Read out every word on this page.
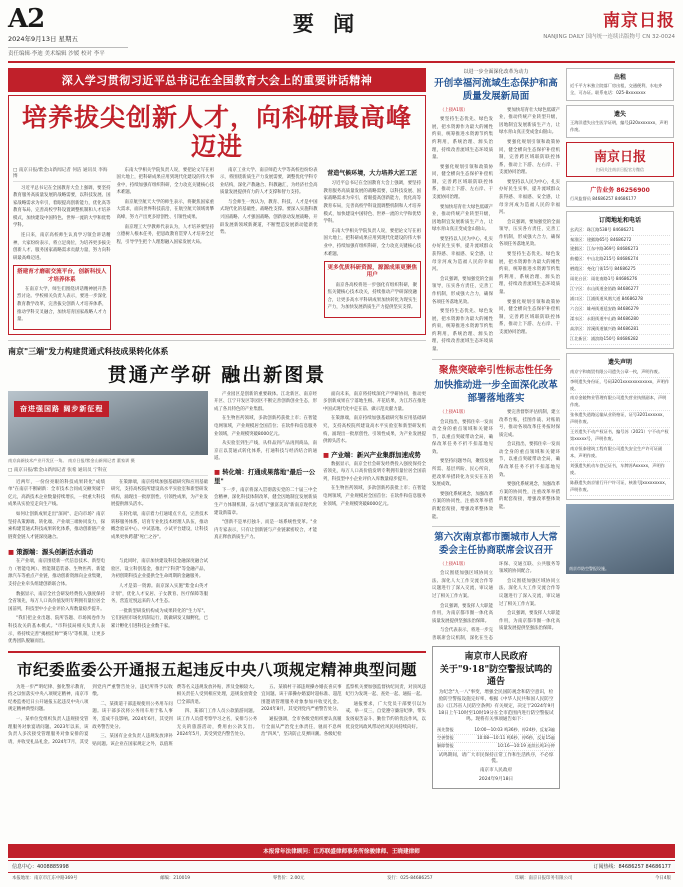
A2
2024年9月13日 星期五
责任编辑·李迪 美术编辑 沙媛 校对 李平
要 闻	南京日报
NANJING DAILY 国内统一连续出版物号 CN 32-0024
深入学习贯彻习近平总书记在全国教育大会上的重要讲话精神
培养拔尖创新人才，向科研最高峰迈进
□ 南京日报/紫金山新闻记者 何洁 通讯员 李海博

习近平总书记在全国教育大会上强调，要坚持教育服务高质量发展的战略需要，以科技发展、国家战略需求为牵引，着眼提高创新能力，优化高等教育布局，完善高校学科设置调整机制和人才培养模式，加快建设中国特色、世界一流的大学和优势学科。

连日来，南京高校师生认真学习领会讲话精神，大家纷纷表示，将立足岗位，为培养更多拔尖创新人才、服务国家战略需求贡献力量，努力向科研最高峰迈进。

搭建育才磨砺交流平台，创新科技人才培养体系

在南京大学，师生们围绕讲话精神展开热烈讨论。学校相关负责人表示，要进一步深化教育教学改革，完善拔尖创新人才培养体系，推动学科交叉融合，加快培育国家战略人才力量。

东南大学相关学院负责人说，要把论文写在祖国大地上，把科研成果应用到现代化建设的伟大事业中，持续加强有组织科研，全力攻克关键核心技术难题。

南京航空航天大学的师生表示，将聚焦国家重大需求，面向世界科技前沿，在航空航天领域勇攀高峰，努力产出更多原创性、引领性成果。

南京理工大学教师代表认为，人才培养要坚持立德树人根本任务，把思政教育贯穿人才培养全过程，引导学生把个人理想融入国家发展大局。

南京工业大学、南京师范大学等高校也纷纷表示，将围绕新质生产力发展需要，调整优化学科专业结构，深化产教融合、科教融汇，为经济社会高质量发展提供有力的人才支撑和智力支持。

与会师生一致认为，教育、科技、人才是中国式现代化的基础性、战略性支撑。要深入实施科教兴国战略、人才强国战略、创新驱动发展战略，开辟发展新领域新赛道，不断塑造发展新动能新优势。

营造气候环境，大力培养大匠工匠

习近平总书记在全国教育大会上强调，要坚持教育服务高质量发展的战略需要，以科技发展、国家战略需求为牵引，着眼提高创新能力，优化高等教育布局，完善高校学科设置调整机制和人才培养模式，加快建设中国特色、世界一流的大学和优势学科。

东南大学相关学院负责人说，要把论文写在祖国大地上，把科研成果应用到现代化建设的伟大事业中，持续加强有组织科研，全力攻克关键核心技术难题。

更多优质科研资源，源源成果更聚焦用户

南京各高校将进一步强化有组织科研，聚焦关键核心技术攻关，持续推动产学研深度融合，让更多高水平科研成果加快转化为现实生产力，为加快发展新质生产力提供坚实支撑。

南京"三端"发力构建贯通式科技成果转化体系
贯通产学研 融出新图景
奋进强国路 阔步新征程
南京高新技术产业开发区一角。 南京日报/紫金山新闻记者 董家训 摄
□ 南京日报/紫金山新闻记者 张希 通讯员 宁科宣

近两年，一份份亮眼的科技成果转化"成绩单"在南京不断刷新：全市技术合同成交额突破千亿元，高新技术企业数量持续增长，一批重大科技成果从实验室走向生产线。

如何让创新成果走出"深闺"、走向市场？南京坚持从策源端、转化端、产业端三端协同发力，探索构建贯通式科技成果转化体系，推动创新链产业链资金链人才链深度融合。

在策源端，南京持续加强基础研究和应用基础研究，支持高校院所建设高水平实验室和新型研发机构，涌现出一批原创性、引领性成果，为产业发展提供源头活水。

在转化端，南京着力打通堵点卡点，完善技术转移服务体系，培育专业化技术经理人队伍，推动概念验证中心、中试基地、小试平台建设，让科技成果更快跨越"死亡之谷"。

■ 策源端：源头创新活水涌动

在产业端，南京围绕新一代信息技术、新型电力（智能电网）、智能制造装备、生物医药、新能源汽车等重点产业链，推动创新资源向企业集聚，支持企业牵头组建创新联合体。

数据显示，南京全社会研发经费投入强度保持全省领先，每万人口高价值发明专利拥有量位居全国前列，科技型中小企业评价入库数量稳步提升。

"我们把企业出题、院所答题、市场阅卷作为科技攻关的基本模式。"市科技局相关负责人表示，将持续完善"揭榜挂帅""赛马"等机制，让更多优秀团队脱颖而出。

与此同时，南京加快建设科技金融深度融合试验区，设立科创基金，推出"宁科贷"等金融产品，为初创期科技企业提供全生命周期的金融服务。

人才是第一资源。南京深入实施"紫金山英才计划"，优化人才安居、子女教育、医疗保障等服务，营造近悦远来的人才生态。

一批新型研发机构成为成果转化的"生力军"。它们按照市场化机制运行，既做研发又做孵化，已累计孵化引进科技企业数千家。

产业园区是创新的重要载体。江北新区、南京经开区、江宁开发区等园区不断完善创新创业生态，形成了各具特色的产业集群。

在生物医药领域，多款创新药获批上市；在智能电网领域，产业规模居全国首位；在软件和信息服务业领域，产业规模突破8000亿元。

从实验室到生产线，从样品到产品再到商品，南京正以贯通式转化体系，打通科技与经济结合的通道。

■ 转化端：打通成果落地"最后一公里"

下一步，南京将深入贯彻落实党的二十届三中全会精神，深化科技体制改革，健全因地制宜发展新质生产力体制机制，奋力谱写"强富美高"新南京现代化建设新篇章。

"创新不是单打独斗，而是一场系统性变革。"业内专家表示，只有让创新链与产业链紧密咬合，才能真正释放新质生产力。

面向未来，南京将持续深化产学研协同，推动更多创新成果在宁落地生根、开花结果，为江苏在推进中国式现代化中走在前、做示范贡献力量。

在策源端，南京持续加强基础研究和应用基础研究，支持高校院所建设高水平实验室和新型研发机构，涌现出一批原创性、引领性成果，为产业发展提供源头活水。

■ 产业端：新兴产业集群加速成势

数据显示，南京全社会研发经费投入强度保持全省领先，每万人口高价值发明专利拥有量位居全国前列，科技型中小企业评价入库数量稳步提升。

在生物医药领域，多款创新药获批上市；在智能电网领域，产业规模居全国首位；在软件和信息服务业领域，产业规模突破8000亿元。

市纪委监委公开通报五起违反中央八项规定精神典型问题

为进一步严明纪律、强化警示教育，持之以恒落实中央八项规定精神，南京市纪委监委近日公开通报五起违反中央八项规定精神典型问题。

一、某单位党组织负责人违规接受管理服务对象宴请问题。2023年以来，该负责人多次接受管理服务对象安排的宴请，并收受礼品礼金。2024年7月，其受到党内严重警告处分，违纪所得予以收缴。

二、某街道干部违规使用公务用车问题。该干部多次将公务用车用于私人事务，造成不良影响。2024年6月，其受到政务警告处分。

三、某国有企业负责人违规发放津补贴问题。该企业在国家规定之外，以值班费等名义违规发放补贴，涉及金额较大。相关责任人受到相应处理，违规发放资金已全部清退。

四、某部门工作人员公款旅游问题。该工作人员借考察学习之名，安排与公务无关的旅游活动，费用由公款支出。2024年5月，其受到党内警告处分。

五、某镇村干部违规操办婚丧喜庆事宜问题。该干部操办婚宴时超标准、超范围邀请管理服务对象参加并收受礼金。2024年8月，其受到党内严重警告处分。

通报强调，全市各级党组织要认真履行全面从严治党主体责任，驰而不息纠治"四风"，坚决防止反弹回潮。各级纪检监察机关要加强监督执纪问责，对顶风违纪行为发现一起、查处一起、通报一起。

通报要求，广大党员干部要引以为戒、举一反三，自觉遵守廉洁纪律，带头发扬艰苦奋斗、勤俭节约的优良作风，以优良党风政风带动社风民风持续向好。

以进一步全面深化改革为动力
开创幸福河流域生态保护和高质量发展新局面

（上接A1版）

要坚持生态优先、绿色发展，把水资源作为最大的刚性约束，统筹推进水资源节约集约利用，系统治理、源头治理，持续改善流域生态环境质量。

要强化规划引领和政策协同，健全横向生态保护补偿机制，完善跨区域联防联控体系，推动上下游、左右岸、干支流协同治理。

要加快培育壮大绿色低碳产业，推动传统产业转型升级，因地制宜发展新质生产力，让绿水青山真正变成金山银山。

要坚持以人民为中心，扎实办好民生实事，提升流域群众获得感、幸福感、安全感，让母亲河成为造福人民的幸福河。

会议强调，要加强党的全面领导，压实各方责任，完善工作机制，形成强大合力，确保各项任务落地见效。

要坚持生态优先、绿色发展，把水资源作为最大的刚性约束，统筹推进水资源节约集约利用，系统治理、源头治理，持续改善流域生态环境质量。

要加快培育壮大绿色低碳产业，推动传统产业转型升级，因地制宜发展新质生产力，让绿水青山真正变成金山银山。

要强化规划引领和政策协同，健全横向生态保护补偿机制，完善跨区域联防联控体系，推动上下游、左右岸、干支流协同治理。

要坚持以人民为中心，扎实办好民生实事，提升流域群众获得感、幸福感、安全感，让母亲河成为造福人民的幸福河。

会议强调，要加强党的全面领导，压实各方责任，完善工作机制，形成强大合力，确保各项任务落地见效。

要坚持生态优先、绿色发展，把水资源作为最大的刚性约束，统筹推进水资源节约集约利用，系统治理、源头治理，持续改善流域生态环境质量。

要强化规划引领和政策协同，健全横向生态保护补偿机制，完善跨区域联防联控体系，推动上下游、左右岸、干支流协同治理。

聚焦突破牵引性标志性任务
加快推动进一步全面深化改革部署落地落实

（上接A1版）

会议指出，要抓住牵一发而动全身的重点领域和关键环节，以重点突破带动全局，确保改革任务不折不扣落地见效。

要坚持问题导向，聚焦发展所需、基层所盼、民心所向，把改革举措转化为实实在在的发展成效。

要强化系统观念，加强改革方案的协同性，注重改革举措的配套衔接，增强改革整体效能。

要完善督察评估机制，建立改革台账，挂图作战、对账销号，推动各项改革任务按时保质完成。

会议指出，要抓住牵一发而动全身的重点领域和关键环节，以重点突破带动全局，确保改革任务不折不扣落地见效。

要强化系统观念，加强改革方案的协同性，注重改革举措的配套衔接，增强改革整体效能。

第六次南京都市圈城市人大常委会主任协商联席会议召开

（上接A1版）

会议围绕加强区域协同立法、深化人大工作交流合作等议题进行了深入交流，审议通过了相关工作方案。

会议强调，要发挥人大职能作用，为南京都市圈一体化高质量发展提供坚强法治保障。

与会代表表示，将进一步完善联席会议机制，深化在生态环保、交通互联、公共服务等领域的协同配合。

会议围绕加强区域协同立法、深化人大工作交流合作等议题进行了深入交流，审议通过了相关工作方案。

会议强调，要发挥人大职能作用，为南京都市圈一体化高质量发展提供坚强法治保障。

南京市人民政府
关于"9·18"防空警报试鸣的通告
为纪念"九一八"事变，增强全民国防观念和防空意识，检验防空警报设施完好率，根据《中华人民共和国人民防空法》《江苏省人民防空条例》有关规定，决定于2024年9月18日上午10时至10时19分在全市范围内进行防空警报试鸣。现将有关事项通告如下：
预先警报	10:00—10:03 鸣36秒、停24秒，反复3遍
空袭警报	10:08—10:11 鸣6秒、停6秒，反复15遍
解除警报	10:16—10:19 连续长鸣3分钟
试鸣期间，请广大市民保持正常工作和生活秩序，不必惊慌。
南京市人民政府
2024年9月18日
出租
近千平方米独立院落厂房出租，交通便利，水电齐全，可办证。联系电话：025-8xxxxxxx
遗失
王海洋遗失出生医学证明，编号J320xxxxxxx，声明作废。
南京日报
扫码关注南京日报官方微信
广告业务 86256900
行风监督员 84686257 84686177
订阅地址和电话
玄武区：珠江路538号 84686271
秦淮区：建邺路65号 84686272
建邺区：江东中路369号 84686273
鼓楼区：中山北路215号 84686274
栖霞区：尧化门街15号 84686275
雨花台区：雨花南路1号 84686276
江宁区：东山街道金箔路 84686277
浦口区：江浦街道凤凰大道 84686278
六合区：雄州街道延安路 84686279
溧水区：永阳街道中山路 84686280
高淳区：淳溪街道镇兴路 84686281
江北新区：浦滨路150号 84686282
遗失声明
南京宁和商贸有限公司遗失公章一枚，声明作废。
李明遗失身份证，号码3201xxxxxxxxxxxx，声明作废。
南京金陵物业管理有限公司遗失营业执照副本，声明作废。
张伟遗失道路运输从业资格证，证号3201xxxxxx，声明作废。
王芳遗失不动产权证书，编号苏（2021）宁不动产权第xxxxx号，声明作废。
南京恒泰建筑工程有限公司遗失安全生产许可证副本，声明作废。
刘强遗失机动车登记证书，车牌苏Axxxxx，声明作废。
陈静遗失南京银行开户许可证，核准号Jxxxxxxxxx，声明作废。
南京市防空警报设施。
本报常年法律顾问：江苏联盛律师事务所徐骏律师、王晓建律师
信息中心：4008885998	订阅热线：84686257 84686177
本报地址：南京市江东中路369号	邮编：210019	零售价：2.00元	发行：025-84686257	印刷：南京日报印务有限公司	今日4版
